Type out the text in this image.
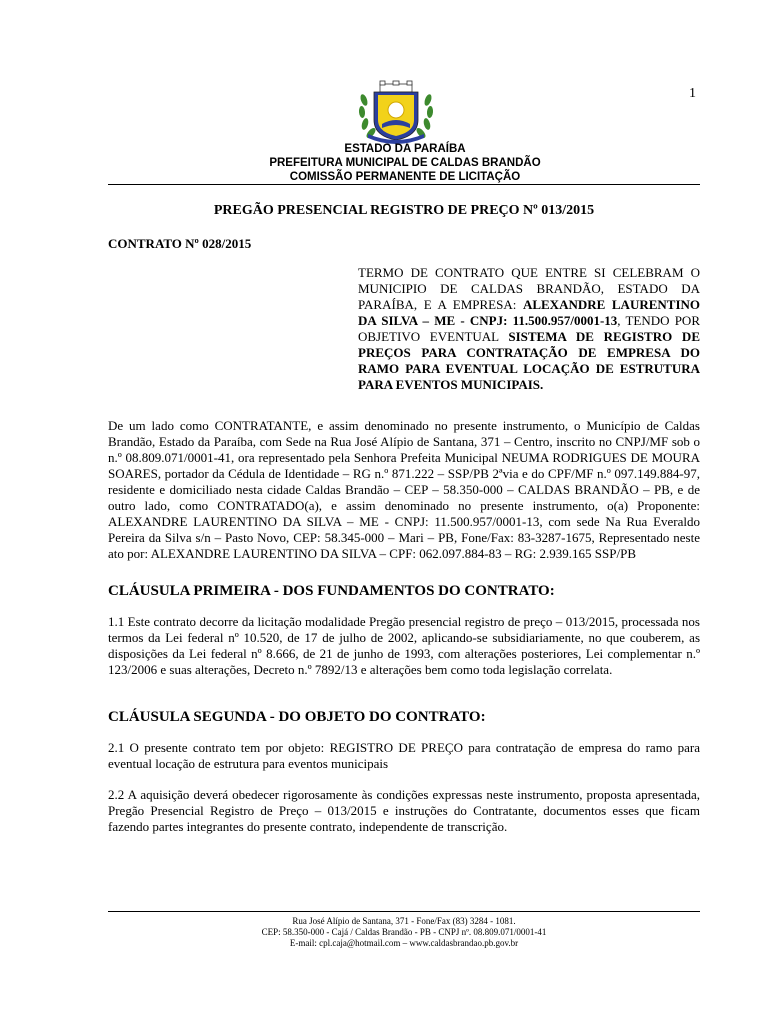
1
ESTADO DA PARAÍBA
PREFEITURA MUNICIPAL DE CALDAS BRANDÃO
COMISSÃO PERMANENTE DE LICITAÇÃO
PREGÃO PRESENCIAL REGISTRO DE PREÇO Nº 013/2015
CONTRATO Nº 028/2015
TERMO DE CONTRATO QUE ENTRE SI CELEBRAM O MUNICIPIO DE CALDAS BRANDÃO, ESTADO DA PARAÍBA, E A EMPRESA: ALEXANDRE LAURENTINO DA SILVA – ME - CNPJ: 11.500.957/0001-13, TENDO POR OBJETIVO EVENTUAL SISTEMA DE REGISTRO DE PREÇOS PARA CONTRATAÇÃO DE EMPRESA DO RAMO PARA EVENTUAL LOCAÇÃO DE ESTRUTURA PARA EVENTOS MUNICIPAIS.
De um lado como CONTRATANTE, e assim denominado no presente instrumento, o Município de Caldas Brandão, Estado da Paraíba, com Sede na Rua José Alípio de Santana, 371 – Centro, inscrito no CNPJ/MF sob o n.º 08.809.071/0001-41, ora representado pela Senhora Prefeita Municipal NEUMA RODRIGUES DE MOURA SOARES, portador da Cédula de Identidade – RG n.º 871.222 – SSP/PB 2ªvia e do CPF/MF n.º 097.149.884-97, residente e domiciliado nesta cidade Caldas Brandão – CEP – 58.350-000 – CALDAS BRANDÃO – PB, e de outro lado, como CONTRATADO(a), e assim denominado no presente instrumento, o(a) Proponente: ALEXANDRE LAURENTINO DA SILVA – ME - CNPJ: 11.500.957/0001-13, com sede Na Rua Everaldo Pereira da Silva s/n – Pasto Novo, CEP: 58.345-000 – Mari – PB, Fone/Fax: 83-3287-1675, Representado neste ato por: ALEXANDRE LAURENTINO DA SILVA – CPF: 062.097.884-83 – RG: 2.939.165 SSP/PB
CLÁUSULA PRIMEIRA - DOS FUNDAMENTOS DO CONTRATO:
1.1 Este contrato decorre da licitação modalidade Pregão presencial registro de preço – 013/2015, processada nos termos da Lei federal nº 10.520, de 17 de julho de 2002, aplicando-se subsidiariamente, no que couberem, as disposições da Lei federal nº 8.666, de 21 de junho de 1993, com alterações posteriores, Lei complementar n.º 123/2006 e suas alterações, Decreto n.º 7892/13 e alterações bem como toda legislação correlata.
CLÁUSULA SEGUNDA - DO OBJETO DO CONTRATO:
2.1 O presente contrato tem por objeto: REGISTRO DE PREÇO para contratação de empresa do ramo para eventual locação de estrutura para eventos municipais
2.2 A aquisição deverá obedecer rigorosamente às condições expressas neste instrumento, proposta apresentada, Pregão Presencial Registro de Preço – 013/2015 e instruções do Contratante, documentos esses que ficam fazendo partes integrantes do presente contrato, independente de transcrição.
Rua José Alípio de Santana, 371 - Fone/Fax (83) 3284 - 1081.
CEP: 58.350-000 - Cajá / Caldas Brandão - PB - CNPJ nº. 08.809.071/0001-41
E-mail: cpl.caja@hotmail.com – www.caldasbrandao.pb.gov.br
